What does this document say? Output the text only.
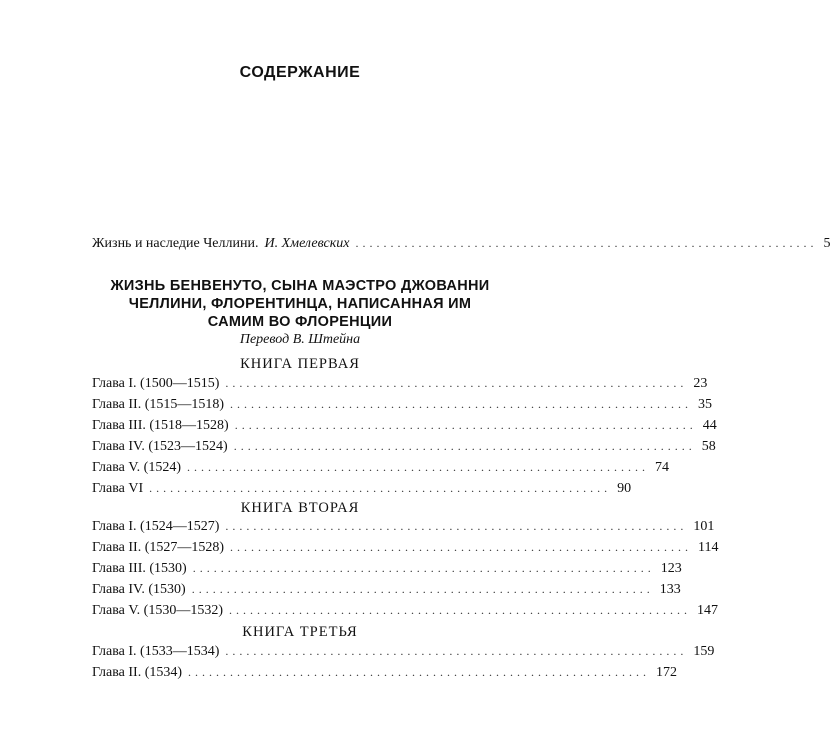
СОДЕРЖАНИЕ
Жизнь и наследие Челлини. И. Хмелевских .................................................................. 5
ЖИЗНЬ БЕНВЕНУТО, СЫНА МАЭСТРО ДЖОВАННИ
ЧЕЛЛИНИ, ФЛОРЕНТИНЦА, НАПИСАННАЯ ИМ
САМИМ ВО ФЛОРЕНЦИИ
Перевод В. Штейна
КНИГА ПЕРВАЯ
Глава I. (1500—1515) .................................................................. 23
Глава II. (1515—1518) .................................................................. 35
Глава III. (1518—1528) .................................................................. 44
Глава IV. (1523—1524) .................................................................. 58
Глава V. (1524) .................................................................. 74
Глава VI .................................................................. 90
КНИГА ВТОРАЯ
Глава I. (1524—1527) .................................................................. 101
Глава II. (1527—1528) .................................................................. 114
Глава III. (1530) .................................................................. 123
Глава IV. (1530) .................................................................. 133
Глава V. (1530—1532) .................................................................. 147
КНИГА ТРЕТЬЯ
Глава I. (1533—1534) .................................................................. 159
Глава II. (1534) .................................................................. 172
